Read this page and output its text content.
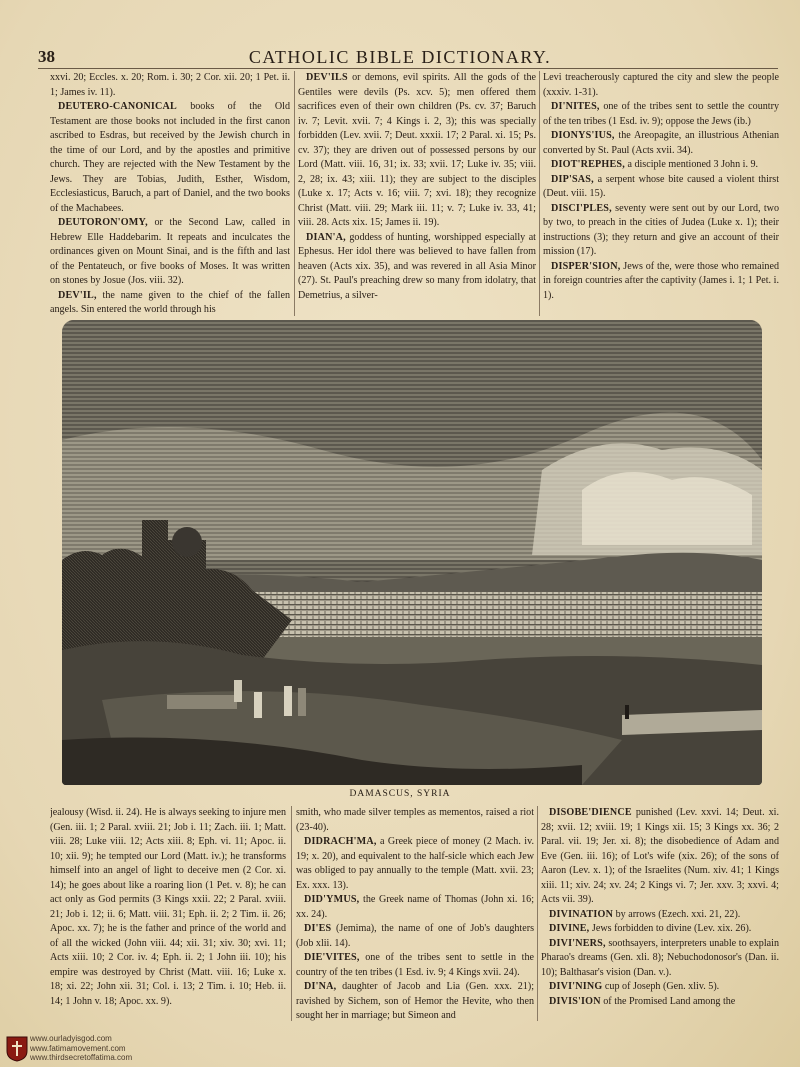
38	CATHOLIC BIBLE DICTIONARY.

xxvi. 20; Eccles. x. 20; Rom. i. 30; 2 Cor. xii. 20; 1 Pet. ii. 1; James iv. 11).

DEUTERO-CANONICAL books of the Old Testament are those books not included in the first canon ascribed to Esdras, but received by the Jewish church in the time of our Lord, and by the apostles and primitive church. They are rejected with the New Testament by the Jews. They are Tobias, Judith, Esther, Wisdom, Ecclesiasticus, Baruch, a part of Daniel, and the two books of the Machabees.

DEUTORON'OMY, or the Second Law, called in Hebrew Elle Haddebarim. It repeats and inculcates the ordinances given on Mount Sinai, and is the fifth and last of the Pentateuch, or five books of Moses. It was written on stones by Josue (Jos. viii. 32).

DEV'IL, the name given to the chief of the fallen angels. Sin entered the world through his

DEV'ILS or demons, evil spirits. All the gods of the Gentiles were devils (Ps. xcv. 5); men offered them sacrifices even of their own children (Ps. cv. 37; Baruch iv. 7; Levit. xvii. 7; 4 Kings i. 2, 3); this was specially forbidden (Lev. xvii. 7; Deut. xxxii. 17; 2 Paral. xi. 15; Ps. cv. 37); they are driven out of possessed persons by our Lord (Matt. viii. 16, 31; ix. 33; xvii. 17; Luke iv. 35; viii. 2, 28; ix. 43; xiii. 11); they are subject to the disciples (Luke x. 17; Acts v. 16; viii. 7; xvi. 18); they recognize Christ (Matt. viii. 29; Mark iii. 11; v. 7; Luke iv. 33, 41; viii. 28. Acts xix. 15; James ii. 19).

DIAN'A, goddess of hunting, worshipped especially at Ephesus. Her idol there was believed to have fallen from heaven (Acts xix. 35), and was revered in all Asia Minor (27). St. Paul's preaching drew so many from idolatry, that Demetrius, a silver-

Levi treacherously captured the city and slew the people (xxxiv. 1-31).

DI'NITES, one of the tribes sent to settle the country of the ten tribes (1 Esd. iv. 9); oppose the Jews (ib.)

DIONYS'IUS, the Areopagite, an illustrious Athenian converted by St. Paul (Acts xvii. 34).

DIOT'REPHES, a disciple mentioned 3 John i. 9.

DIP'SAS, a serpent whose bite caused a violent thirst (Deut. viii. 15).

DISCI'PLES, seventy were sent out by our Lord, two by two, to preach in the cities of Judea (Luke x. 1); their instructions (3); they return and give an account of their mission (17).

DISPER'SION, Jews of the, were those who remained in foreign countries after the captivity (James i. 1; 1 Pet. i. 1).

DAMASCUS, SYRIA

jealousy (Wisd. ii. 24). He is always seeking to injure men (Gen. iii. 1; 2 Paral. xviii. 21; Job i. 11; Zach. iii. 1; Matt. viii. 28; Luke viii. 12; Acts xiii. 8; Eph. vi. 11; Apoc. ii. 10; xii. 9); he tempted our Lord (Matt. iv.); he transforms himself into an angel of light to deceive men (2 Cor. xi. 14); he goes about like a roaring lion (1 Pet. v. 8); he can act only as God permits (3 Kings xxii. 22; 2 Paral. xviii. 21; Job i. 12; ii. 6; Matt. viii. 31; Eph. ii. 2; 2 Tim. ii. 26; Apoc. xx. 7); he is the father and prince of the world and of all the wicked (John viii. 44; xii. 31; xiv. 30; xvi. 11; Acts xiii. 10; 2 Cor. iv. 4; Eph. ii. 2; 1 John iii. 10); his empire was destroyed by Christ (Matt. viii. 16; Luke x. 18; xi. 22; John xii. 31; Col. i. 13; 2 Tim. i. 10; Heb. ii. 14; 1 John v. 18; Apoc. xx. 9).

smith, who made silver temples as mementos, raised a riot (23-40).

DIDRACH'MA, a Greek piece of money (2 Mach. iv. 19; x. 20), and equivalent to the half-sicle which each Jew was obliged to pay annually to the temple (Matt. xvii. 23; Ex. xxx. 13).

DID'YMUS, the Greek name of Thomas (John xi. 16; xx. 24).

DI'ES (Jemima), the name of one of Job's daughters (Job xlii. 14).

DIE'VITES, one of the tribes sent to settle in the country of the ten tribes (1 Esd. iv. 9; 4 Kings xvii. 24).

DI'NA, daughter of Jacob and Lia (Gen. xxx. 21); ravished by Sichem, son of Hemor the Hevite, who then sought her in marriage; but Simeon and

DISOBE'DIENCE punished (Lev. xxvi. 14; Deut. xi. 28; xvii. 12; xviii. 19; 1 Kings xii. 15; 3 Kings xx. 36; 2 Paral. vii. 19; Jer. xi. 8); the disobedience of Adam and Eve (Gen. iii. 16); of Lot's wife (xix. 26); of the sons of Aaron (Lev. x. 1); of the Israelites (Num. xiv. 41; 1 Kings xiii. 11; xiv. 24; xv. 24; 2 Kings vi. 7; Jer. xxv. 3; xxvi. 4; Acts vii. 39).

DIVINATION by arrows (Ezech. xxi. 21, 22).

DIVINE, Jews forbidden to divine (Lev. xix. 26).

DIVI'NERS, soothsayers, interpreters unable to explain Pharao's dreams (Gen. xli. 8); Nebuchodonosor's (Dan. ii. 10); Balthasar's vision (Dan. v.).

DIVI'NING cup of Joseph (Gen. xliv. 5).

DIVIS'ION of the Promised Land among the

www.ourladyisgod.com
www.fatimamovement.com
www.thirdsecretoffatima.com
